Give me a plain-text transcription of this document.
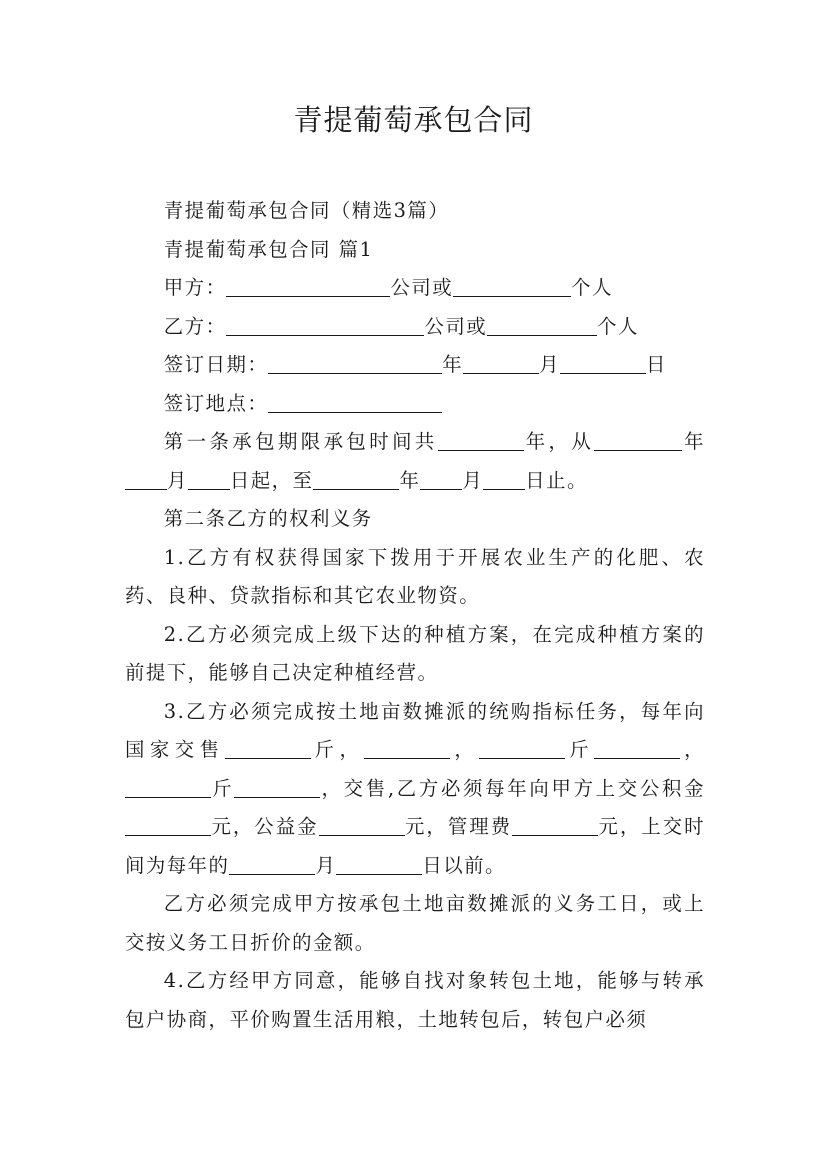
青提葡萄承包合同

青提葡萄承包合同（精选3篇）

青提葡萄承包合同 篇1

甲方：	公司或	个人

乙方：	公司或	个人

签订日期：	年	月	日

签订地点：

第一条承包期限承包时间共	年，从	年月 日起，至	年 月 日止。

第二条乙方的权利义务

1.乙方有权获得国家下拨用于开展农业生产的化肥、农药、良种、贷款指标和其它农业物资。

2.乙方必须完成上级下达的种植方案，在完成种植方案的前提下，能够自己决定种植经营。

3.乙方必须完成按土地亩数摊派的统购指标任务，每年向国家交售	斤，	，	斤	，斤	，交售,乙方必须每年向甲方上交公积金元，公益金	元，管理费	元，上交时间为每年的	月	日以前。

乙方必须完成甲方按承包土地亩数摊派的义务工日，或上交按义务工日折价的金额。

4.乙方经甲方同意，能够自找对象转包土地，能够与转承包户协商，平价购置生活用粮，土地转包后，转包户必须
